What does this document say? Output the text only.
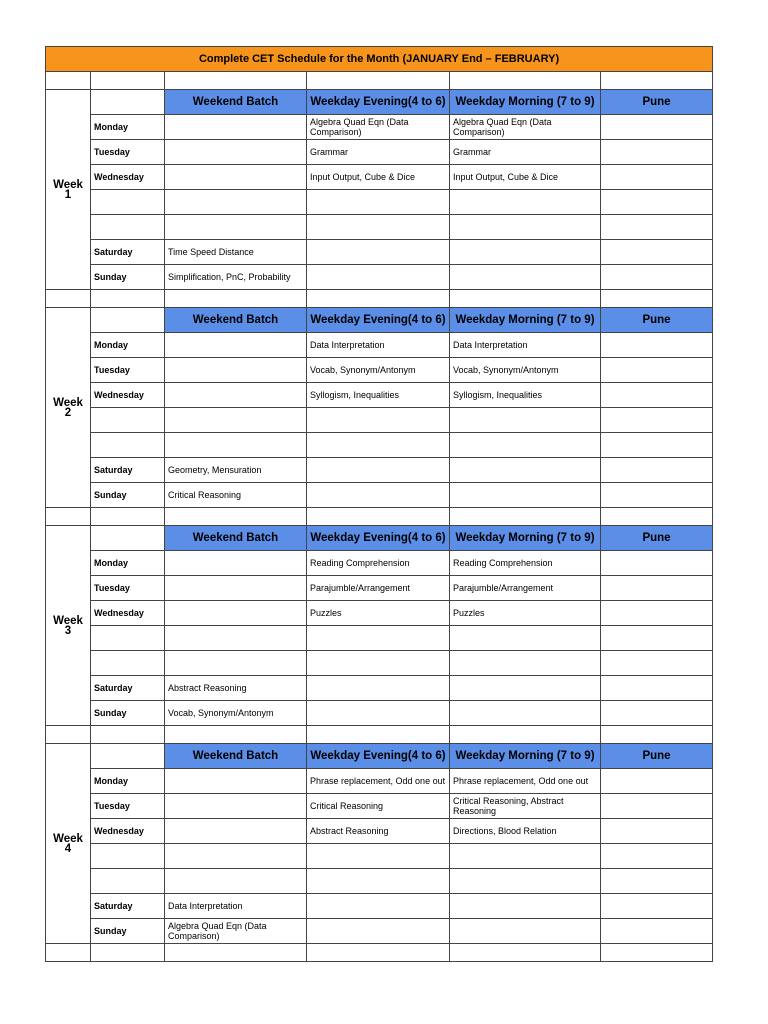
Complete CET Schedule for the Month (JANUARY End – FEBRUARY)					

Week 1		Weekend Batch	Weekday Evening(4 to 6)	Weekday Morning (7 to 9)	Pune
	Monday		Algebra Quad Eqn (Data Comparison)	Algebra Quad Eqn (Data Comparison)	
	Tuesday		Grammar	Grammar	
	Wednesday		Input Output, Cube & Dice	Input Output, Cube & Dice	

	Saturday	Time Speed Distance			
	Sunday	Simplification, PnC, Probability			

Week 2		Weekend Batch	Weekday Evening(4 to 6)	Weekday Morning (7 to 9)	Pune
	Monday		Data Interpretation	Data Interpretation	
	Tuesday		Vocab, Synonym/Antonym	Vocab, Synonym/Antonym	
	Wednesday		Syllogism, Inequalities	Syllogism, Inequalities	

	Saturday	Geometry, Mensuration			
	Sunday	Critical Reasoning			

Week 3		Weekend Batch	Weekday Evening(4 to 6)	Weekday Morning (7 to 9)	Pune
	Monday		Reading Comprehension	Reading Comprehension	
	Tuesday		Parajumble/Arrangement	Parajumble/Arrangement	
	Wednesday		Puzzles	Puzzles	

	Saturday	Abstract Reasoning			
	Sunday	Vocab, Synonym/Antonym			

Week 4		Weekend Batch	Weekday Evening(4 to 6)	Weekday Morning (7 to 9)	Pune
	Monday		Phrase replacement, Odd one out	Phrase replacement, Odd one out	
	Tuesday		Critical Reasoning	Critical Reasoning, Abstract Reasoning	
	Wednesday		Abstract Reasoning	Directions, Blood Relation	

	Saturday	Data Interpretation			
	Sunday	Algebra Quad Eqn (Data Comparison)			
